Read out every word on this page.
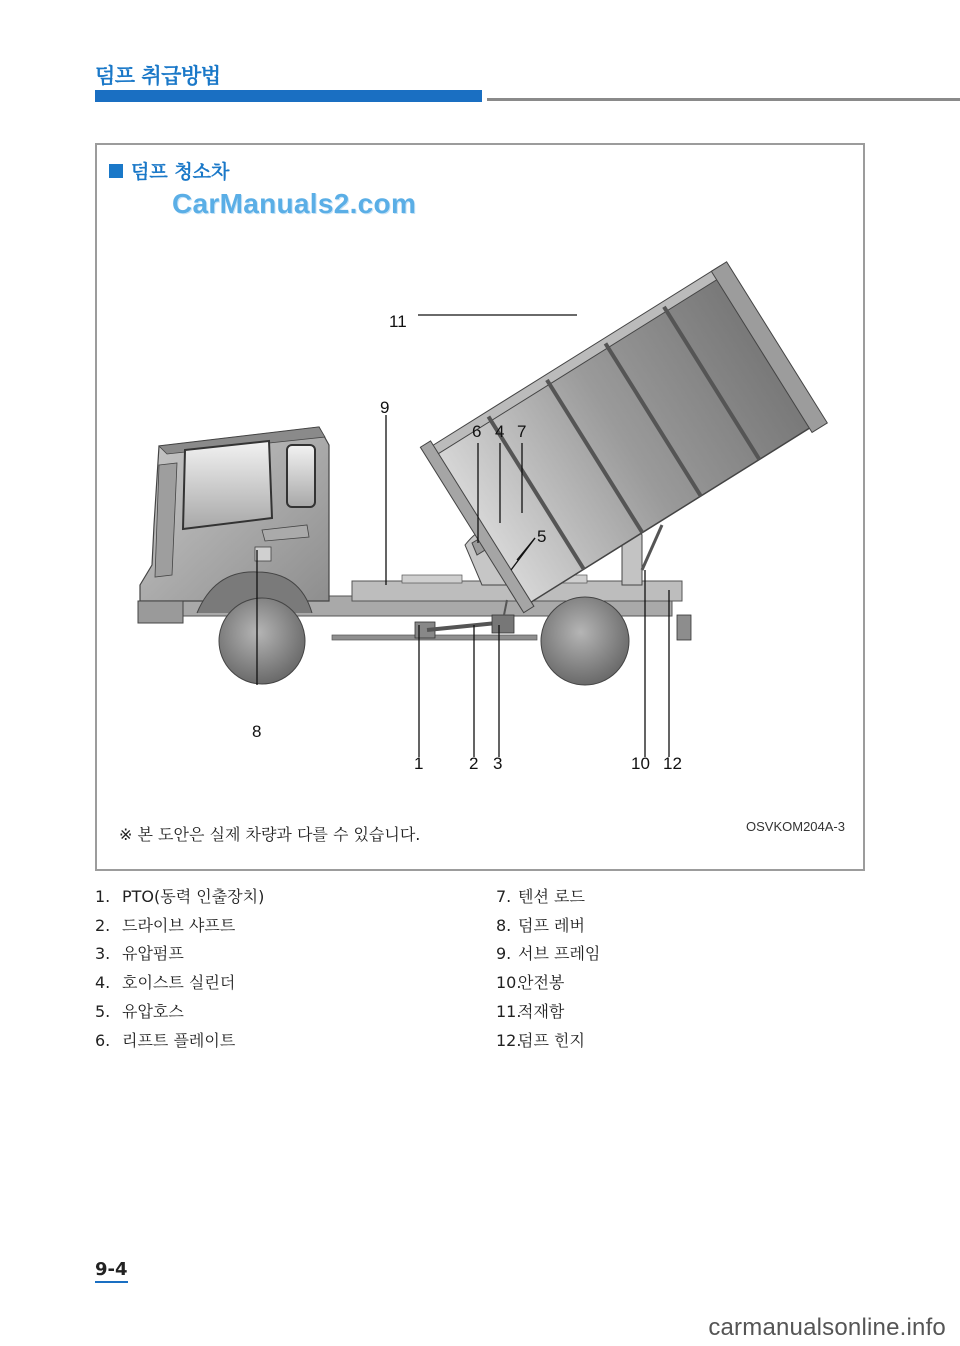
덤프 취급방법
덤프 청소차
CarManuals2.com
1	2 3
4
5
6 7
8
9
10
11
12
※ 본 도안은 실제 차량과 다를 수 있습니다.	OSVKOM204A-3
1. PTO(동력 인출장치)
2. 드라이브 샤프트
3. 유압펌프
4. 호이스트 실린더
5. 유압호스
6. 리프트 플레이트
7. 텐션 로드
8. 덤프 레버
9. 서브 프레임
10.
안전봉
11.
적재함
12.
덤프 힌지
9-4
carmanualsonline.info
